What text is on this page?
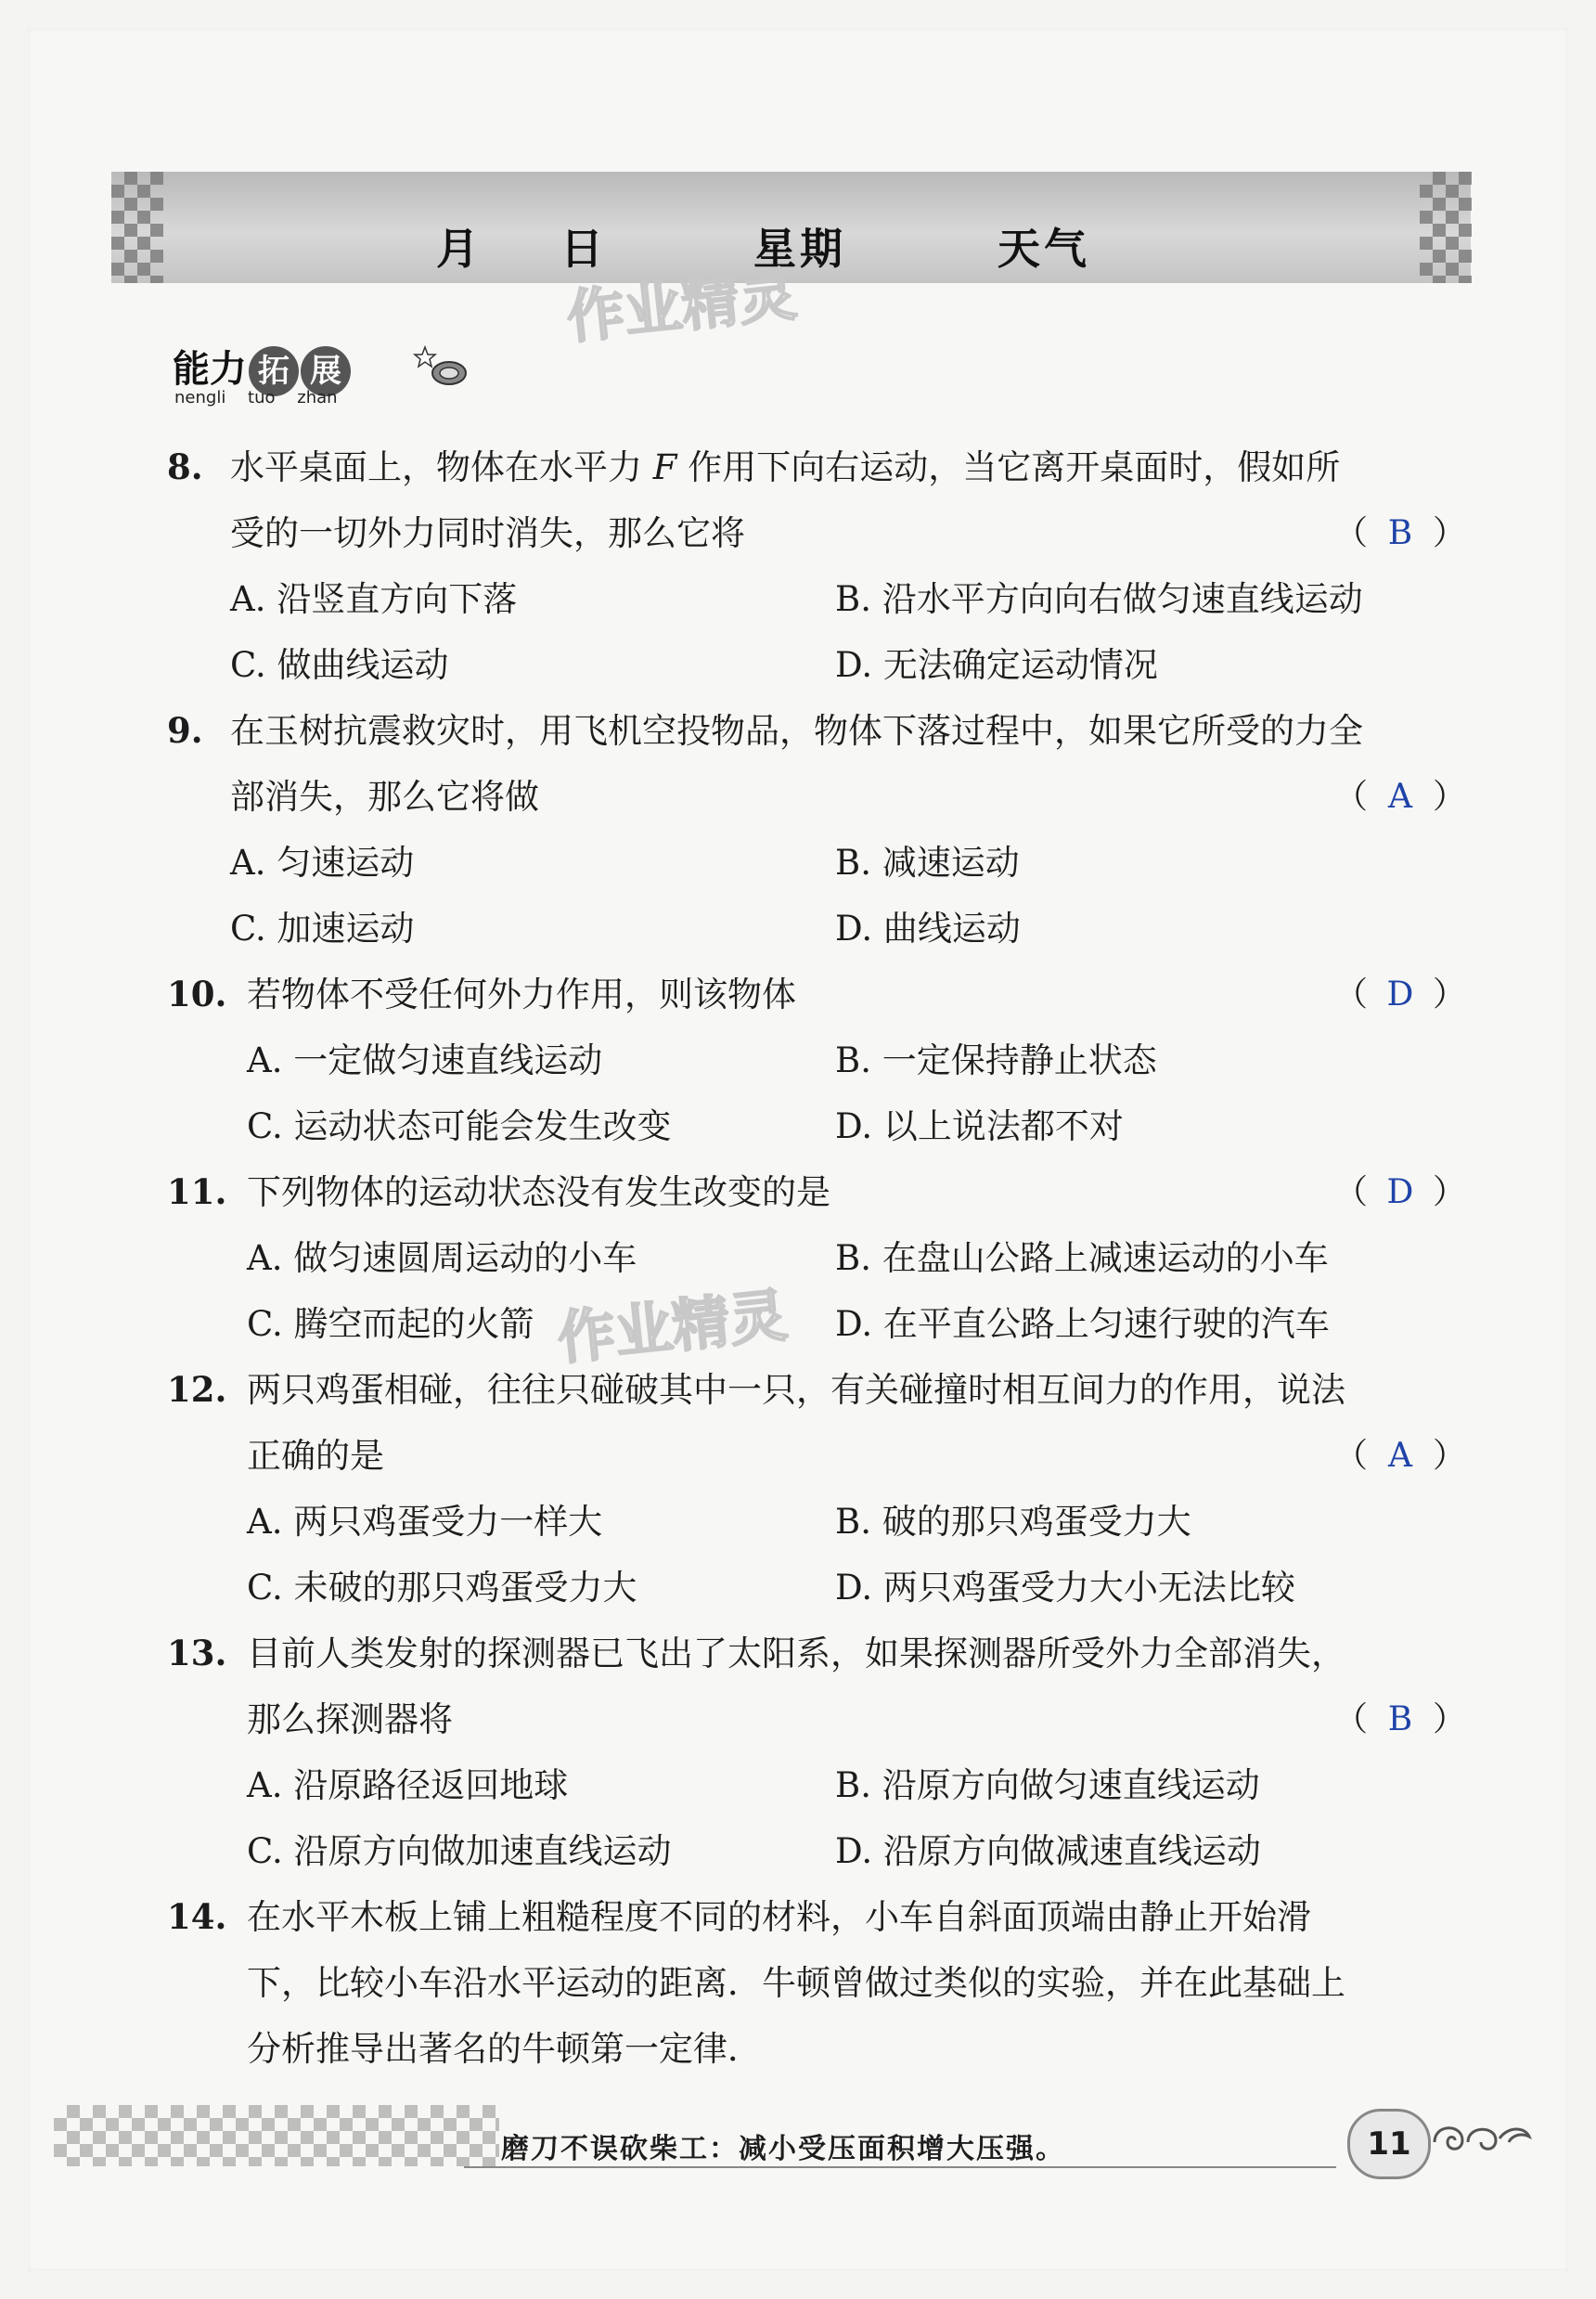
月 日	星期	天气
作业精灵
能力 拓 展
nengli tuo zhan
8. 水平桌面上，物体在水平力 F 作用下向右运动，当它离开桌面时，假如所
受的一切外力同时消失，那么它将	（ B ）
A. 沿竖直方向下落	B. 沿水平方向向右做匀速直线运动
C. 做曲线运动	D. 无法确定运动情况
9. 在玉树抗震救灾时，用飞机空投物品，物体下落过程中，如果它所受的力全
部消失，那么它将做	（ A ）
A. 匀速运动	B. 减速运动
C. 加速运动	D. 曲线运动
10. 若物体不受任何外力作用，则该物体	（ D ）
A. 一定做匀速直线运动	B. 一定保持静止状态
C. 运动状态可能会发生改变	D. 以上说法都不对
11. 下列物体的运动状态没有发生改变的是	（ D ）
A. 做匀速圆周运动的小车	B. 在盘山公路上减速运动的小车
C. 腾空而起的火箭	D. 在平直公路上匀速行驶的汽车
12. 两只鸡蛋相碰，往往只碰破其中一只，有关碰撞时相互间力的作用，说法
正确的是	（ A ）
A. 两只鸡蛋受力一样大	B. 破的那只鸡蛋受力大
C. 未破的那只鸡蛋受力大	D. 两只鸡蛋受力大小无法比较
13. 目前人类发射的探测器已飞出了太阳系，如果探测器所受外力全部消失，
那么探测器将	（ B ）
A. 沿原路径返回地球	B. 沿原方向做匀速直线运动
C. 沿原方向做加速直线运动	D. 沿原方向做减速直线运动
14. 在水平木板上铺上粗糙程度不同的材料，小车自斜面顶端由静止开始滑
下，比较小车沿水平运动的距离．牛顿曾做过类似的实验，并在此基础上
分析推导出著名的牛顿第一定律．
作业精灵
磨刀不误砍柴工：减小受压面积增大压强。	11
